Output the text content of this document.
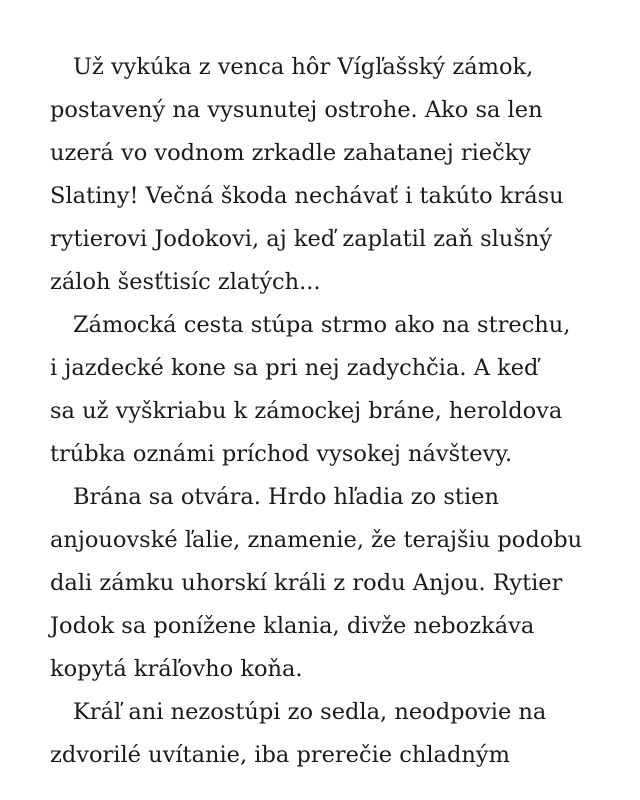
Už vykúka z venca hôr Vígľašský zámok,
postavený na vysunutej ostrohe. Ako sa len
uzerá vo vodnom zrkadle zahatanej riečky
Slatiny! Večná škoda nechávať i takúto krásu
rytierovi Jodokovi, aj keď zaplatil zaň slušný
záloh šesťtisíc zlatých...
Zámocká cesta stúpa strmo ako na strechu,
i jazdecké kone sa pri nej zadychčia. A keď
sa už vyškriabu k zámockej bráne, heroldova
trúbka oznámi príchod vysokej návštevy.
Brána sa otvára. Hrdo hľadia zo stien
anjouovské ľalie, znamenie, že terajšiu podobu
dali zámku uhorskí králi z rodu Anjou. Rytier
Jodok sa ponížene klania, divže nebozkáva
kopytá kráľovho koňa.
Kráľ ani nezostúpi zo sedla, neodpovie na
zdvorilé uvítanie, iba prerečie chladným
